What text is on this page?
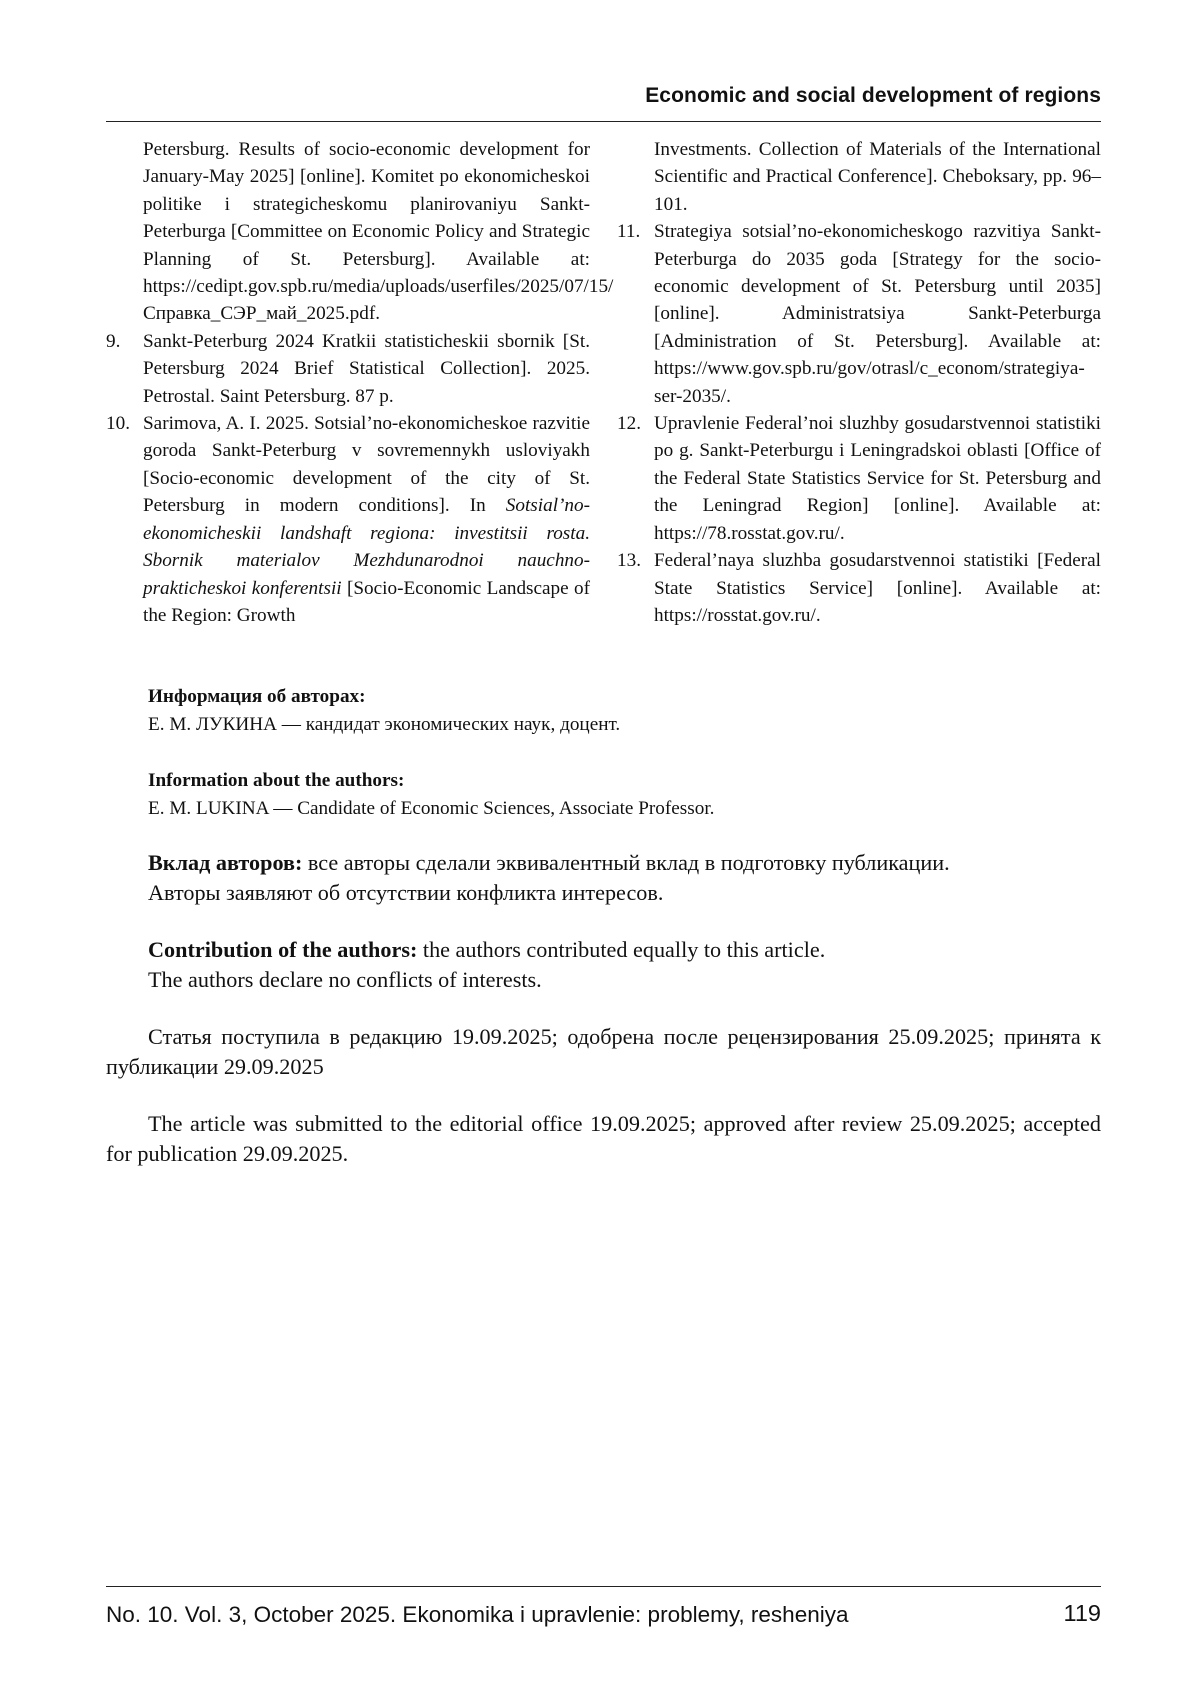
Economic and social development of regions

Petersburg. Results of socio-economic development for January-May 2025] [online]. Komitet po ekonomicheskoi politike i strategicheskomu planirovaniyu Sankt-Peterburga [Committee on Economic Policy and Strategic Planning of St. Petersburg]. Available at: https://cedipt.gov.spb.ru/media/uploads/userfiles/2025/07/15/Справка_СЭР_май_2025.pdf.

9. Sankt-Peterburg 2024 Kratkii statisticheskii sbornik [St. Petersburg 2024 Brief Statistical Collection]. 2025. Petrostal. Saint Petersburg. 87 p.

10. Sarimova, A. I. 2025. Sotsial’no-ekonomicheskoe razvitie goroda Sankt-Peterburg v sovremennykh usloviyakh [Socio-economic development of the city of St. Petersburg in modern conditions]. In Sotsial’no-ekonomicheskii landshaft regiona: investitsii rosta. Sbornik materialov Mezhdunarodnoi nauchno-prakticheskoi konferentsii [Socio-Economic Landscape of the Region: Growth

Investments. Collection of Materials of the International Scientific and Practical Conference]. Cheboksary, pp. 96–101.

11. Strategiya sotsial’no-ekonomicheskogo razvitiya Sankt-Peterburga do 2035 goda [Strategy for the socio-economic development of St. Petersburg until 2035] [online]. Administratsiya Sankt-Peterburga [Administration of St. Petersburg]. Available at: https://www.gov.spb.ru/gov/otrasl/c_econom/strategiya-ser-2035/.

12. Upravlenie Federal’noi sluzhby gosudarstvennoi statistiki po g. Sankt-Peterburgu i Leningradskoi oblasti [Office of the Federal State Statistics Service for St. Petersburg and the Leningrad Region] [online]. Available at: https://78.rosstat.gov.ru/.

13. Federal’naya sluzhba gosudarstvennoi statistiki [Federal State Statistics Service] [online]. Available at: https://rosstat.gov.ru/.

Информация об авторах:
Е. М. ЛУКИНА — кандидат экономических наук, доцент.
Information about the authors:
E. M. LUKINA — Candidate of Economic Sciences, Associate Professor.
Вклад авторов: все авторы сделали эквивалентный вклад в подготовку публикации.
Авторы заявляют об отсутствии конфликта интересов.
Contribution of the authors: the authors contributed equally to this article.
The authors declare no conflicts of interests.
Статья поступила в редакцию 19.09.2025; одобрена после рецензирования 25.09.2025; принята к публикации 29.09.2025
The article was submitted to the editorial office 19.09.2025; approved after review 25.09.2025; accepted for publication 29.09.2025.
No. 10. Vol. 3, October 2025. Ekonomika i upravlenie: problemy, resheniya	119
